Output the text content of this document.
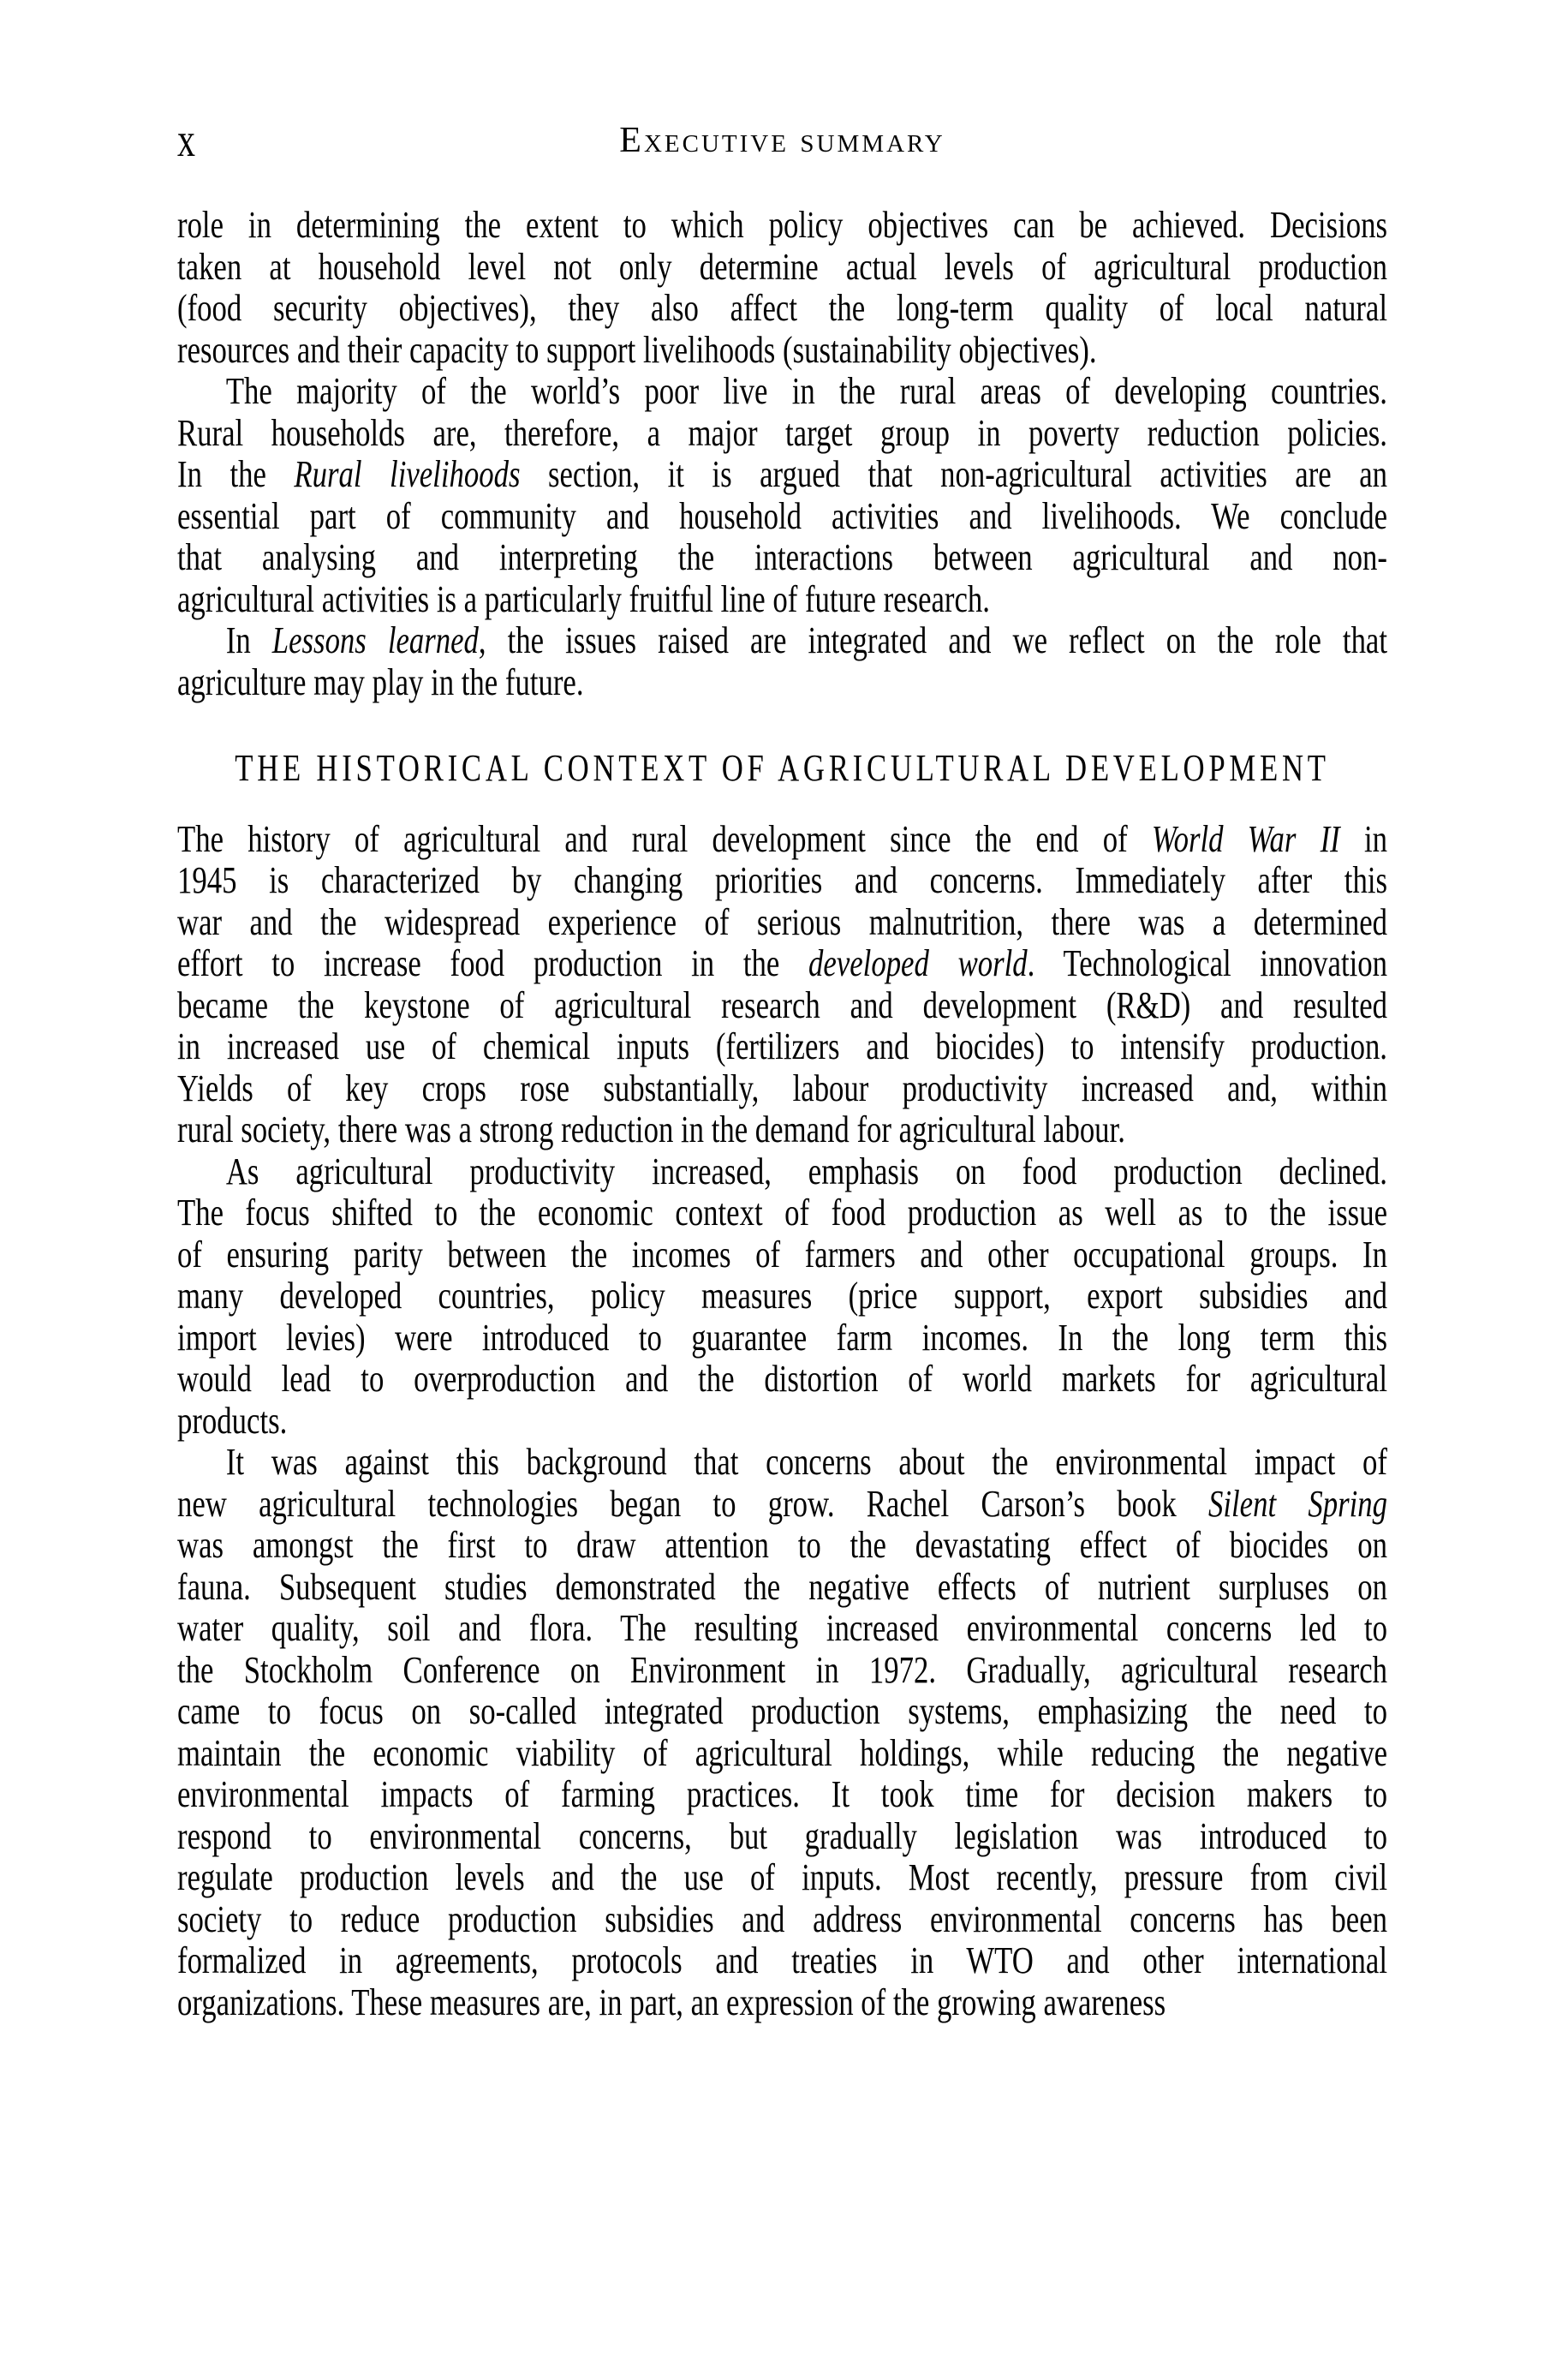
x	Executive summary
role in determining the extent to which policy objectives can be achieved. Decisions
taken at household level not only determine actual levels of agricultural production
(food security objectives), they also affect the long-term quality of local natural
resources and their capacity to support livelihoods (sustainability objectives).
The majority of the world’s poor live in the rural areas of developing countries.
Rural households are, therefore, a major target group in poverty reduction policies.
In the Rural livelihoods section, it is argued that non-agricultural activities are an
essential part of community and household activities and livelihoods. We conclude
that analysing and interpreting the interactions between agricultural and non-
agricultural activities is a particularly fruitful line of future research.
In Lessons learned, the issues raised are integrated and we reflect on the role that
agriculture may play in the future.
THE HISTORICAL CONTEXT OF AGRICULTURAL DEVELOPMENT
The history of agricultural and rural development since the end of World War II in
1945 is characterized by changing priorities and concerns. Immediately after this
war and the widespread experience of serious malnutrition, there was a determined
effort to increase food production in the developed world. Technological innovation
became the keystone of agricultural research and development (R&D) and resulted
in increased use of chemical inputs (fertilizers and biocides) to intensify production.
Yields of key crops rose substantially, labour productivity increased and, within
rural society, there was a strong reduction in the demand for agricultural labour.
As agricultural productivity increased, emphasis on food production declined.
The focus shifted to the economic context of food production as well as to the issue
of ensuring parity between the incomes of farmers and other occupational groups. In
many developed countries, policy measures (price support, export subsidies and
import levies) were introduced to guarantee farm incomes. In the long term this
would lead to overproduction and the distortion of world markets for agricultural
products.
It was against this background that concerns about the environmental impact of
new agricultural technologies began to grow. Rachel Carson’s book Silent Spring
was amongst the first to draw attention to the devastating effect of biocides on
fauna. Subsequent studies demonstrated the negative effects of nutrient surpluses on
water quality, soil and flora. The resulting increased environmental concerns led to
the Stockholm Conference on Environment in 1972. Gradually, agricultural research
came to focus on so-called integrated production systems, emphasizing the need to
maintain the economic viability of agricultural holdings, while reducing the negative
environmental impacts of farming practices. It took time for decision makers to
respond to environmental concerns, but gradually legislation was introduced to
regulate production levels and the use of inputs. Most recently, pressure from civil
society to reduce production subsidies and address environmental concerns has been
formalized in agreements, protocols and treaties in WTO and other international
organizations. These measures are, in part, an expression of the growing awareness
